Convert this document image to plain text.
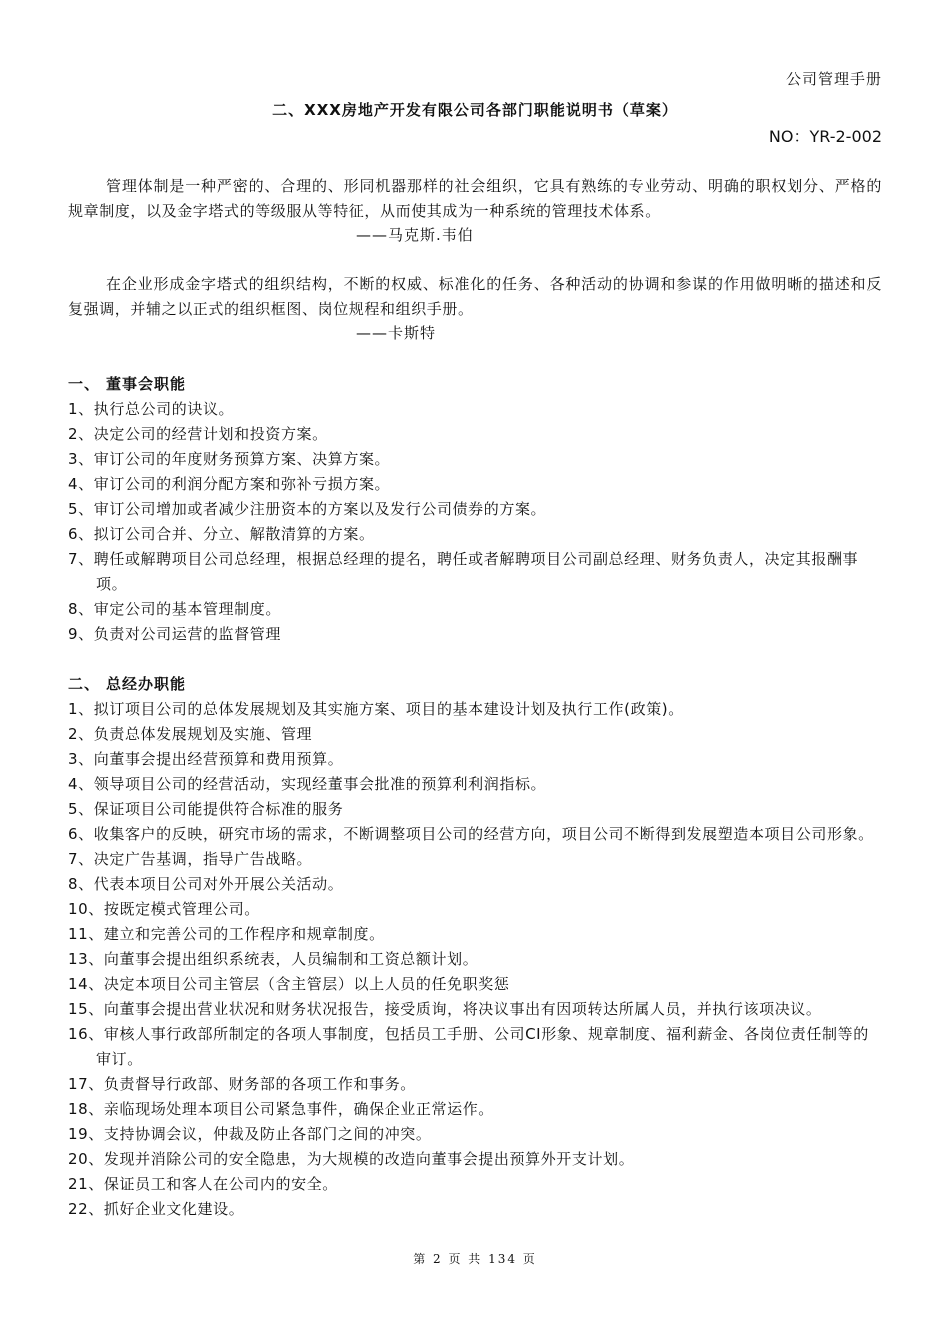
公司管理手册
二、XXX房地产开发有限公司各部门职能说明书（草案）
NO：YR-2-002
管理体制是一种严密的、合理的、形同机器那样的社会组织，它具有熟练的专业劳动、明确的职权划分、严格的规章制度，以及金字塔式的等级服从等特征，从而使其成为一种系统的管理技术体系。
——马克斯.韦伯
在企业形成金字塔式的组织结构，不断的权威、标准化的任务、各种活动的协调和参谋的作用做明晰的描述和反复强调，并辅之以正式的组织框图、岗位规程和组织手册。
——卡斯特
一、 董事会职能
1、 执行总公司的诀议。
2、 决定公司的经营计划和投资方案。
3、 审订公司的年度财务预算方案、决算方案。
4、 审订公司的利润分配方案和弥补亏损方案。
5、 审订公司增加或者减少注册资本的方案以及发行公司债券的方案。
6、 拟订公司合并、分立、解散清算的方案。
7、聘任或解聘项目公司总经理，根据总经理的提名，聘任或者解聘项目公司副总经理、财务负责人，决定其报酬事项。
8、 审定公司的基本管理制度。
9、 负责对公司运营的监督管理
二、 总经办职能
1、 拟订项目公司的总体发展规划及其实施方案、项目的基本建设计划及执行工作(政策)。
2、 负责总体发展规划及实施、管理
3、 向董事会提出经营预算和费用预算。
4、 领导项目公司的经营活动，实现经董事会批准的预算利利润指标。
5、 保证项目公司能提供符合标准的服务
6、收集客户的反映，研究市场的需求，不断调整项目公司的经营方向，项目公司不断得到发展塑造本项目公司形象。
7、 决定广告基调，指导广告战略。
8、 代表本项目公司对外开展公关活动。
10、 按既定模式管理公司。
11、 建立和完善公司的工作程序和规章制度。
13、 向董事会提出组织系统表，人员编制和工资总额计划。
14、 决定本项目公司主管层（含主管层）以上人员的任免职奖惩
15、向董事会提出营业状况和财务状况报告，接受质询，将决议事出有因项转达所属人员，并执行该项决议。
16、审核人事行政部所制定的各项人事制度，包括员工手册、公司CI形象、规章制度、福利薪金、各岗位责任制等的审订。
17、 负责督导行政部、财务部的各项工作和事务。
18、 亲临现场处理本项目公司紧急事件，确保企业正常运作。
19、 支持协调会议，仲裁及防止各部门之间的冲突。
20、 发现并消除公司的安全隐患，为大规模的改造向董事会提出预算外开支计划。
21、 保证员工和客人在公司内的安全。
22、 抓好企业文化建设。
第 2 页 共 134 页
